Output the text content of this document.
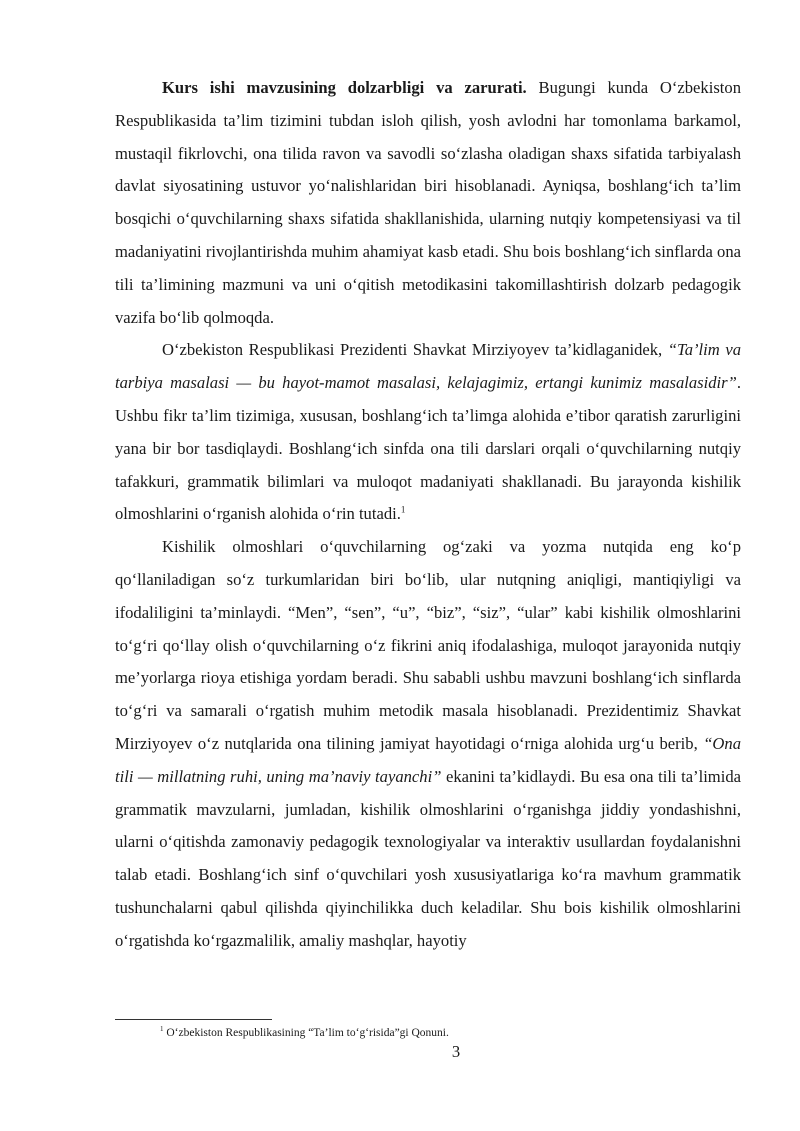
Kurs ishi mavzusining dolzarbligi va zarurati. Bugungi kunda O‘zbekiston Respublikasida ta’lim tizimini tubdan isloh qilish, yosh avlodni har tomonlama barkamol, mustaqil fikrlovchi, ona tilida ravon va savodli so‘zlasha oladigan shaxs sifatida tarbiyalash davlat siyosatining ustuvor yo‘nalishlaridan biri hisoblanadi. Ayniqsa, boshlang‘ich ta’lim bosqichi o‘quvchilarning shaxs sifatida shakllanishida, ularning nutqiy kompetensiyasi va til madaniyatini rivojlantirishda muhim ahamiyat kasb etadi. Shu bois boshlang‘ich sinflarda ona tili ta’limining mazmuni va uni o‘qitish metodikasini takomillashtirish dolzarb pedagogik vazifa bo‘lib qolmoqda.

O‘zbekiston Respublikasi Prezidenti Shavkat Mirziyoyev ta’kidlaganidek, “Ta’lim va tarbiya masalasi — bu hayot-mamot masalasi, kelajagimiz, ertangi kunimiz masalasidir”. Ushbu fikr ta’lim tizimiga, xususan, boshlang‘ich ta’limga alohida e’tibor qaratish zarurligini yana bir bor tasdiqlaydi. Boshlang‘ich sinfda ona tili darslari orqali o‘quvchilarning nutqiy tafakkuri, grammatik bilimlari va muloqot madaniyati shakllanadi. Bu jarayonda kishilik olmoshlarini o‘rganish alohida o‘rin tutadi.$^1$

Kishilik olmoshlari o‘quvchilarning og‘zaki va yozma nutqida eng ko‘p qo‘llaniladigan so‘z turkumlaridan biri bo‘lib, ular nutqning aniqligi, mantiqiyligi va ifodaliligini ta’minlaydi. “Men”, “sen”, “u”, “biz”, “siz”, “ular” kabi kishilik olmoshlarini to‘g‘ri qo‘llay olish o‘quvchilarning o‘z fikrini aniq ifodalashiga, muloqot jarayonida nutqiy me’yorlarga rioya etishiga yordam beradi. Shu sababli ushbu mavzuni boshlang‘ich sinflarda to‘g‘ri va samarali o‘rgatish muhim metodik masala hisoblanadi. Prezidentimiz Shavkat Mirziyoyev o‘z nutqlarida ona tilining jamiyat hayotidagi o‘rniga alohida urg‘u berib, “Ona tili — millatning ruhi, uning ma’naviy tayanchi” ekanini ta’kidlaydi. Bu esa ona tili ta’limida grammatik mavzularni, jumladan, kishilik olmoshlarini o‘rganishga jiddiy yondashishni, ularni o‘qitishda zamonaviy pedagogik texnologiyalar va interaktiv usullardan foydalanishni talab etadi. Boshlang‘ich sinf o‘quvchilari yosh xususiyatlariga ko‘ra mavhum grammatik tushunchalarni qabul qilishda qiyinchilikka duch keladilar. Shu bois kishilik olmoshlarini o‘rgatishda ko‘rgazmalilik, amaliy mashqlar, hayotiy

$^1$ O‘zbekiston Respublikasining “Ta’lim to‘g‘risida”gi Qonuni.
3
